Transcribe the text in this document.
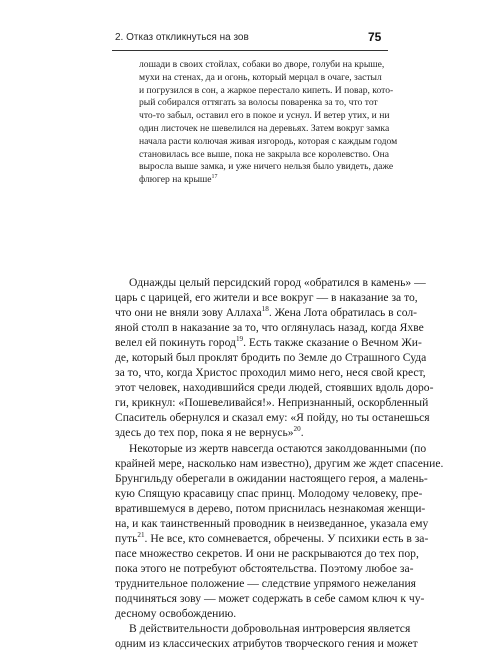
2. Отказ откликнуться на зов	75
лошади в своих стойлах, собаки во дворе, голуби на крыше,
мухи на стенах, да и огонь, который мерцал в очаге, застыл
и погрузился в сон, а жаркое перестало кипеть. И повар, кото-
рый собирался оттягать за волосы поваренка за то, что тот
что-то забыл, оставил его в покое и уснул. И ветер утих, и ни
один листочек не шевелился на деревьях. Затем вокруг замка
начала расти колючая живая изгородь, которая с каждым годом
становилась все выше, пока не закрыла все королевство. Она
выросла выше замка, и уже ничего нельзя было увидеть, даже
флюгер на крыше$^{17}$
Однажды целый персидский город «обратился в камень» —
царь с царицей, его жители и все вокруг — в наказание за то,
что они не вняли зову Аллаха$^{18}$. Жена Лота обратилась в сол-
яной столп в наказание за то, что оглянулась назад, когда Яхве
велел ей покинуть город$^{19}$. Есть также сказание о Вечном Жи-
де, который был проклят бродить по Земле до Страшного Суда
за то, что, когда Христос проходил мимо него, неся свой крест,
этот человек, находившийся среди людей, стоявших вдоль доро-
ги, крикнул: «Пошевеливайся!». Непризнанный, оскорбленный
Спаситель обернулся и сказал ему: «Я пойду, но ты останешься
здесь до тех пор, пока я не вернусь»$^{20}$.
Некоторые из жертв навсегда остаются заколдованными (по
крайней мере, насколько нам известно), другим же ждет спасение.
Брунгильду оберегали в ожидании настоящего героя, а малень-
кую Спящую красавицу спас принц. Молодому человеку, пре-
вратившемуся в дерево, потом приснилась незнакомая женщи-
на, и как таинственный проводник в неизведанное, указала ему
путь$^{21}$. Не все, кто сомневается, обречены. У психики есть в за-
пасе множество секретов. И они не раскрываются до тех пор,
пока этого не потребуют обстоятельства. Поэтому любое за-
труднительное положение — следствие упрямого нежелания
подчиняться зову — может содержать в себе самом ключ к чу-
десному освобождению.
В действительности добровольная интроверсия является
одним из классических атрибутов творческого гения и может
